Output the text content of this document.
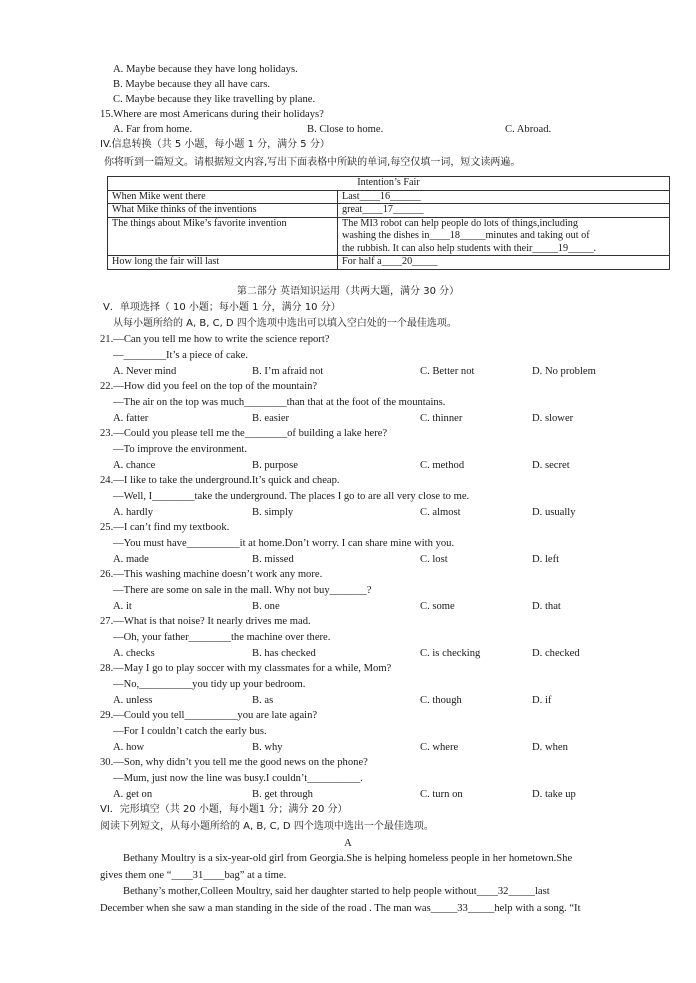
A. Maybe because they have long holidays.
B. Maybe because they all have cars.
C. Maybe because they like travelling by plane.
15.Where are most Americans during their holidays?
A. Far from home.	B. Close to home.	C. Abroad.
IV.信息转换（共 5 小题，每小题 1 分，满分 5 分）
你将听到一篇短文。请根据短文内容,写出下面表格中所缺的单词,每空仅填一词，短文读两遍。
Intention’s Fair	
When Mike went there	Last____16______
What Mike thinks of the inventions	great____17______
The things about Mike’s favorite invention	The MI3 robot can help people do lots of things,including
washing the dishes in____18_____minutes and taking out of
the rubbish. It can also help students with their_____19_____.

How long the fair will last	For half a____20_____
第二部分 英语知识运用（共两大题，满分 30 分）
V．单项选择（ 10 小题；每小题 1 分，满分 10 分）
从每小题所给的 A, B, C, D 四个选项中选出可以填入空白处的一个最佳选项。
21.—Can you tell me how to write the science report?
—________It’s a piece of cake.
A. Never mind	B. I’m afraid not	C. Better not	D. No problem
22.—How did you feel on the top of the mountain?
—The air on the top was much________than that at the foot of the mountains.
A. fatter	B. easier	C. thinner	D. slower
23.—Could you please tell me the________of building a lake here?
—To improve the environment.
A. chance	B. purpose	C. method	D. secret
24.—I like to take the underground.It’s quick and cheap.
—Well, I________take the underground. The places I go to are all very close to me.
A. hardly	B. simply	C. almost	D. usually
25.—I can’t find my textbook.
—You must have__________it at home.Don’t worry. I can share mine with you.
A. made	B. missed	C. lost	D. left
26.—This washing machine doesn’t work any more.
—There are some on sale in the mall. Why not buy_______?
A. it	B. one	C. some	D. that
27.—What is that noise? It nearly drives me mad.
—Oh, your father________the machine over there.
A. checks	B. has checked	C. is checking	D. checked
28.—May I go to play soccer with my classmates for a while, Mom?
—No,__________you tidy up your bedroom.
A. unless	B. as	C. though	D. if
29.—Could you tell__________you are late again?
—For I couldn’t catch the early bus.
A. how	B. why	C. where	D. when
30.—Son, why didn’t you tell me the good news on the phone?
—Mum, just now the line was busy.I couldn’t__________.
A. get on	B. get through	C. turn on	D. take up
VI．完形填空（共 20 小题，每小题1 分；满分 20 分）
阅读下列短文，从每小题所给的 A, B, C, D 四个选项中选出一个最佳选项。
A
Bethany Moultry is a six-year-old girl from Georgia.She is helping homeless people in her hometown.She
gives them one “____31____bag” at a time.
Bethany’s mother,Colleen Moultry, said her daughter started to help people without____32_____last
December when she saw a man standing in the side of the road . The man was_____33_____help with a song. “It
